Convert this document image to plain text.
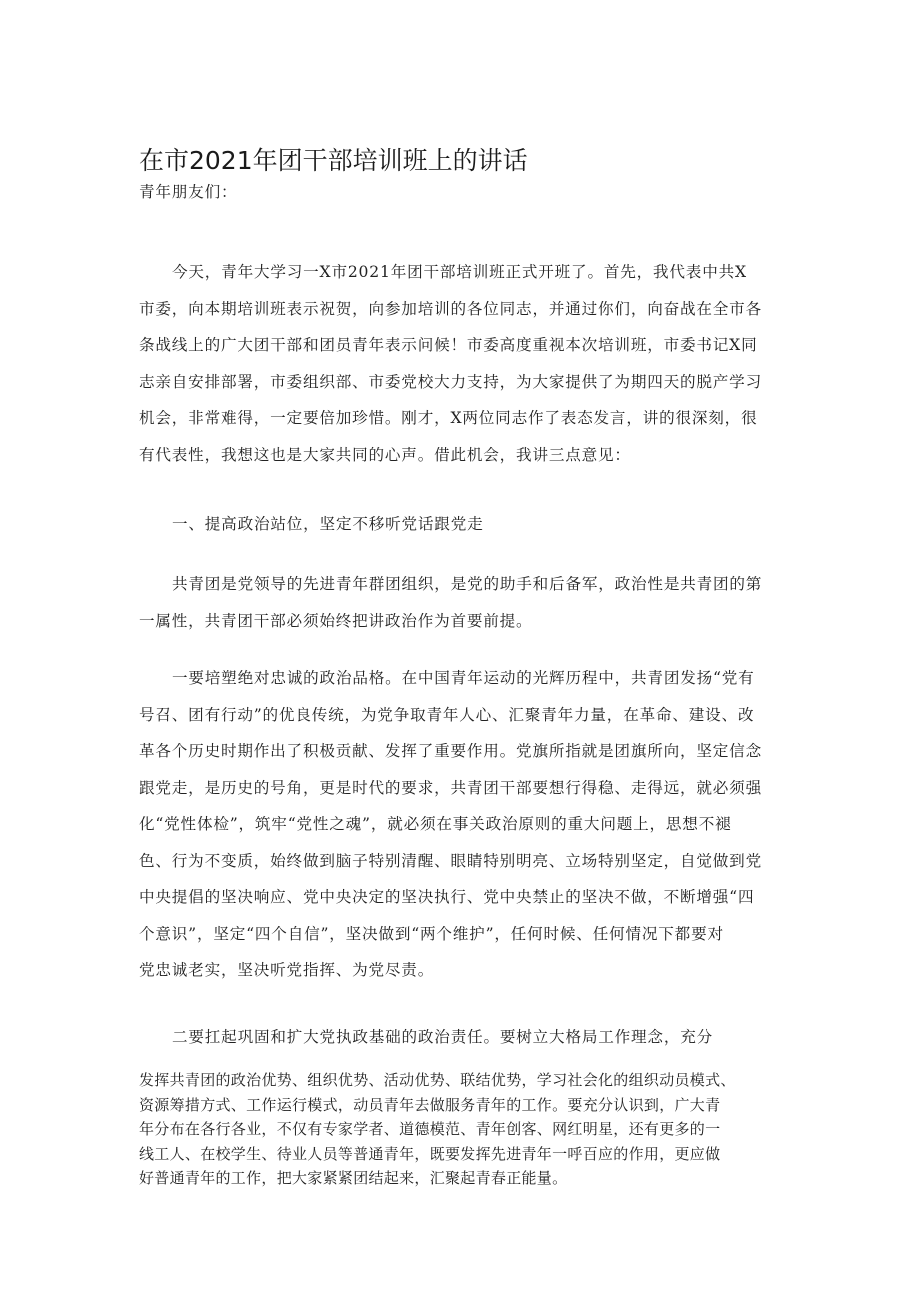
在市2021年团干部培训班上的讲话

青年朋友们：

今天，青年大学习一X市2021年团干部培训班正式开班了。首先，我代表中共X
市委，向本期培训班表示祝贺，向参加培训的各位同志，并通过你们，向奋战在全市各
条战线上的广大团干部和团员青年表示问候！市委高度重视本次培训班，市委书记X同
志亲自安排部署，市委组织部、市委党校大力支持，为大家提供了为期四天的脱产学习
机会，非常难得，一定要倍加珍惜。刚才，X两位同志作了表态发言，讲的很深刻，很
有代表性，我想这也是大家共同的心声。借此机会，我讲三点意见：

一、提高政治站位，坚定不移听党话跟党走

共青团是党领导的先进青年群团组织，是党的助手和后备军，政治性是共青团的第
一属性，共青团干部必须始终把讲政治作为首要前提。
一要培塑绝对忠诚的政治品格。在中国青年运动的光辉历程中，共青团发扬“党有
号召、团有行动”的优良传统，为党争取青年人心、汇聚青年力量，在革命、建设、改
革各个历史时期作出了积极贡献、发挥了重要作用。党旗所指就是团旗所向，坚定信念
跟党走，是历史的号角，更是时代的要求，共青团干部要想行得稳、走得远，就必须强
化“党性体检”，筑牢“党性之魂”，就必须在事关政治原则的重大问题上，思想不褪
色、行为不变质，始终做到脑子特别清醒、眼睛特别明亮、立场特别坚定，自觉做到党
中央提倡的坚决响应、党中央决定的坚决执行、党中央禁止的坚决不做，不断增强“四
个意识”，坚定“四个自信”，坚决做到“两个维护”，任何时候、任何情况下都要对
党忠诚老实，坚决听党指挥、为党尽责。

二要扛起巩固和扩大党执政基础的政治责任。要树立大格局工作理念，充分

发挥共青团的政治优势、组织优势、活动优势、联结优势，学习社会化的组织动员模式、
资源筹措方式、工作运行模式，动员青年去做服务青年的工作。要充分认识到，广大青
年分布在各行各业，不仅有专家学者、道德模范、青年创客、网红明星，还有更多的一
线工人、在校学生、待业人员等普通青年，既要发挥先进青年一呼百应的作用，更应做
好普通青年的工作，把大家紧紧团结起来，汇聚起青春正能量。
